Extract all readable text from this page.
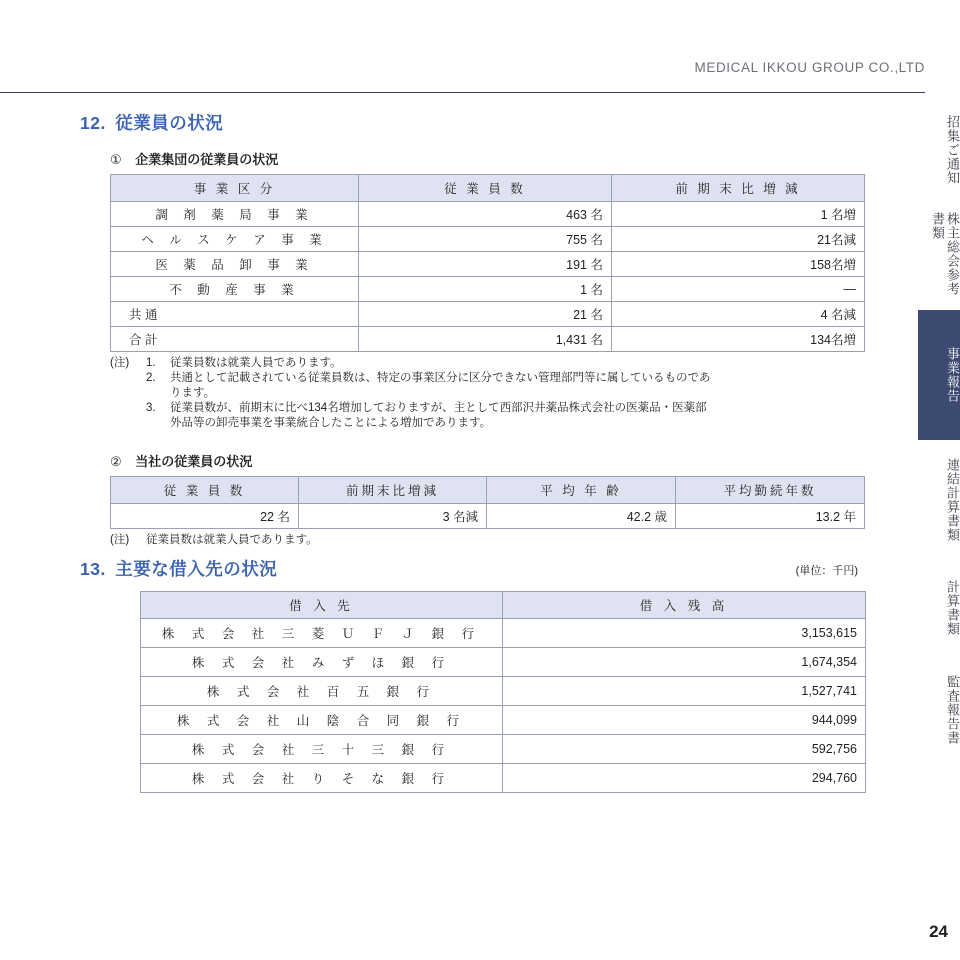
MEDICAL IKKOU GROUP CO.,LTD
招集ご通知
株主総会参考書類
事業報告
連結計算書類
計算書類
監査報告書
24
12. 従業員の状況
① 企業集団の従業員の状況
事 業 区 分	従 業 員 数	前 期 末 比 増 減
調 剤 薬 局 事 業	463 名	1 名増
ヘ ル ス ケ ア 事 業	755 名	21名減
医 薬 品 卸 事 業	191 名	158名増
不 動 産 事 業	1 名	―
共 通	21 名	4 名減
合 計	1,431 名	134名増
(注)	1.	従業員数は就業人員であります。
2.	共通として記載されている従業員数は、特定の事業区分に区分できない管理部門等に属しているものであ
ります。
3.	従業員数が、前期末に比べ134名増加しておりますが、主として西部沢井薬品株式会社の医薬品・医薬部
外品等の卸売事業を事業統合したことによる増加であります。
② 当社の従業員の状況
従 業 員 数	前期末比増減	平 均 年 齢	平均勤続年数
22 名	3 名減	42.2 歳	13.2 年
(注)	従業員数は就業人員であります。
13. 主要な借入先の状況	(単位：千円)
借 入 先	借 入 残 高
株 式 会 社 三 菱 Ｕ Ｆ Ｊ 銀 行	3,153,615
株 式 会 社 み ず ほ 銀 行	1,674,354
株 式 会 社 百 五 銀 行	1,527,741
株 式 会 社 山 陰 合 同 銀 行	944,099
株 式 会 社 三 十 三 銀 行	592,756
株 式 会 社 り そ な 銀 行	294,760
